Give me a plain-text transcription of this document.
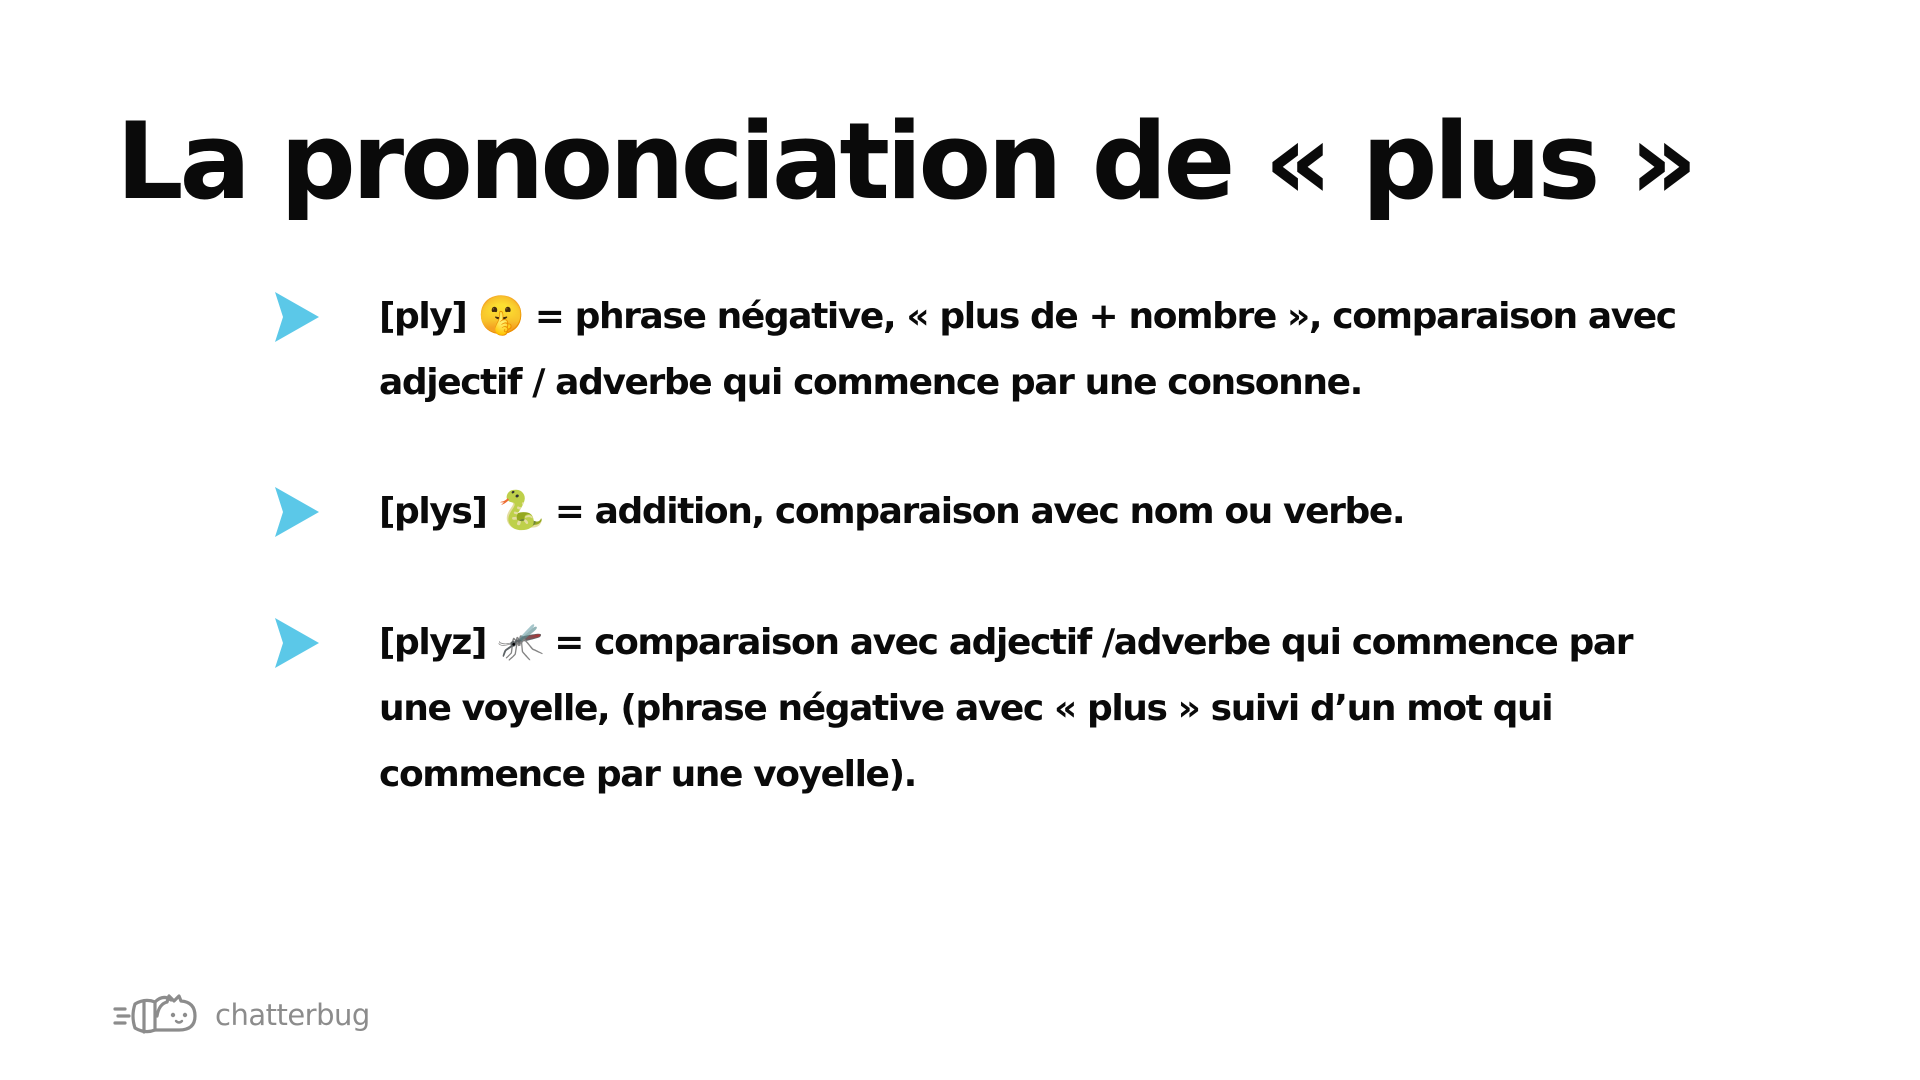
La prononciation de « plus »

[ply] 🤫 = phrase négative, « plus de + nombre », comparaison avec adjectif / adverbe qui commence par une consonne.

[plys] 🐍 = addition, comparaison avec nom ou verbe.

[plyz] 🦟 = comparaison avec adjectif /adverbe qui commence par une voyelle, (phrase négative avec « plus » suivi d’un mot qui commence par une voyelle).

chatterbug
